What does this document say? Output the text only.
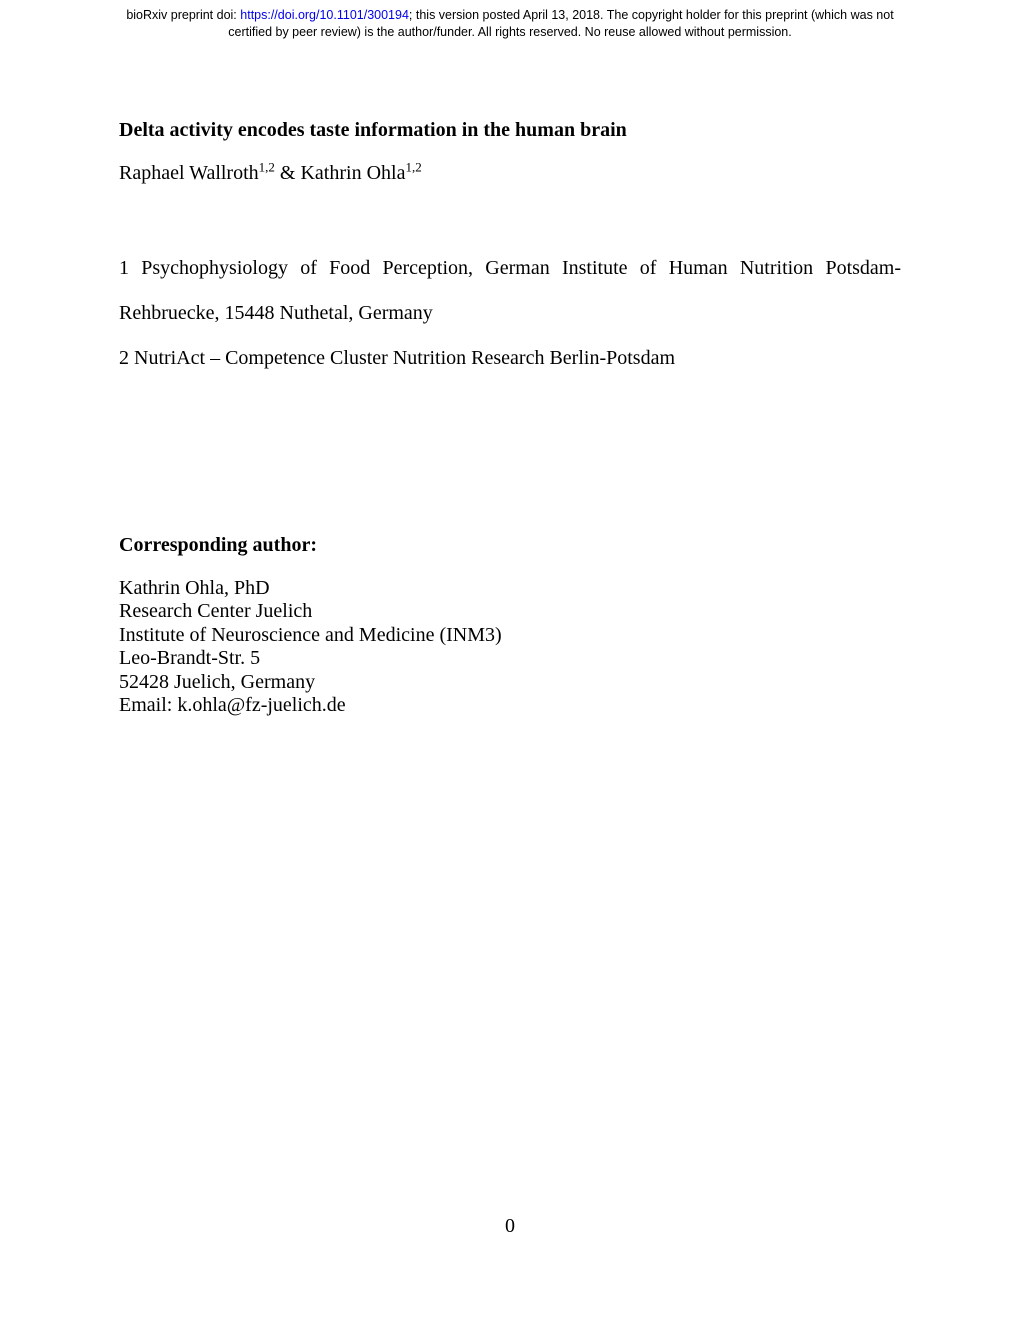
bioRxiv preprint doi: https://doi.org/10.1101/300194; this version posted April 13, 2018. The copyright holder for this preprint (which was not
certified by peer review) is the author/funder. All rights reserved. No reuse allowed without permission.
Delta activity encodes taste information in the human brain
Raphael Wallroth$^{1,2}$ & Kathrin Ohla$^{1,2}$
1 Psychophysiology of Food Perception, German Institute of Human Nutrition Potsdam-
Rehbruecke, 15448 Nuthetal, Germany
2 NutriAct – Competence Cluster Nutrition Research Berlin-Potsdam
Corresponding author:
Kathrin Ohla, PhD
Research Center Juelich
Institute of Neuroscience and Medicine (INM3)
Leo-Brandt-Str. 5
52428 Juelich, Germany
Email: k.ohla@fz-juelich.de
0
